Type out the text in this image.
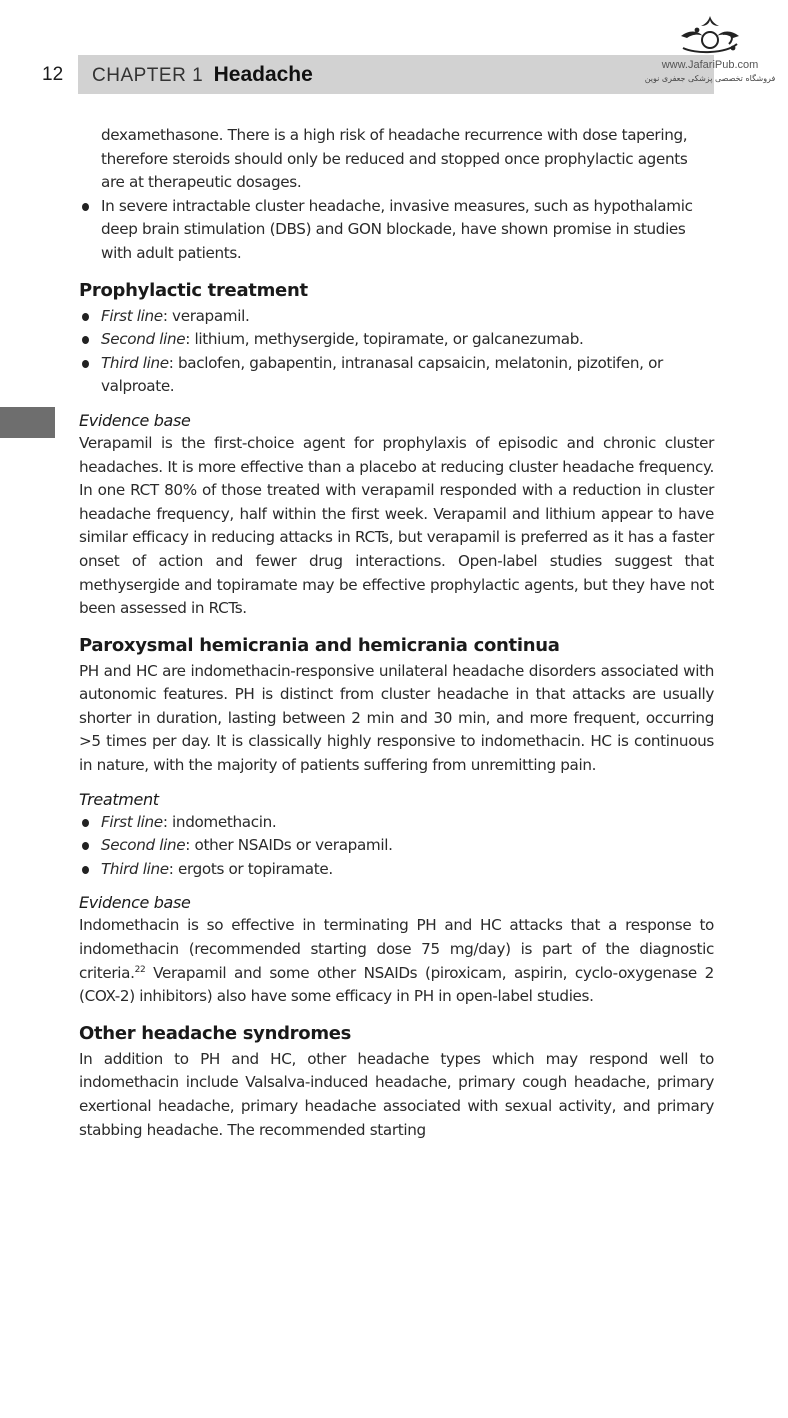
12 CHAPTER 1 Headache	www.JafariPub.com
فروشگاه تخصصی پزشکی جعفری نوین

dexamethasone. There is a high risk of headache recurrence with dose tapering, therefore steroids should only be reduced and stopped once prophylactic agents are at therapeutic dosages.

In severe intractable cluster headache, invasive measures, such as hypothalamic deep brain stimulation (DBS) and GON blockade, have shown promise in studies with adult patients.
Prophylactic treatment
First line: verapamil.
Second line: lithium, methysergide, topiramate, or galcanezumab.
Third line: baclofen, gabapentin, intranasal capsaicin, melatonin, pizotifen, or valproate.
Evidence base

Verapamil is the first-choice agent for prophylaxis of episodic and chronic cluster headaches. It is more effective than a placebo at reducing cluster headache frequency. In one RCT 80% of those treated with verapamil responded with a reduction in cluster headache frequency, half within the first week. Verapamil and lithium appear to have similar efficacy in reducing attacks in RCTs, but verapamil is preferred as it has a faster onset of action and fewer drug interactions. Open-label studies suggest that methysergide and topiramate may be effective prophylactic agents, but they have not been assessed in RCTs.

Paroxysmal hemicrania and hemicrania continua

PH and HC are indomethacin-responsive unilateral headache disorders associated with autonomic features. PH is distinct from cluster headache in that attacks are usually shorter in duration, lasting between 2 min and 30 min, and more frequent, occurring >5 times per day. It is classically highly responsive to indomethacin. HC is continuous in nature, with the majority of patients suffering from unremitting pain.

Treatment
First line: indomethacin.
Second line: other NSAIDs or verapamil.
Third line: ergots or topiramate.
Evidence base

Indomethacin is so effective in terminating PH and HC attacks that a response to indomethacin (recommended starting dose 75 mg/day) is part of the diagnostic criteria.$^{22}$ Verapamil and some other NSAIDs (piroxicam, aspirin, cyclo-oxygenase 2 (COX-2) inhibitors) also have some efficacy in PH in open-label studies.

Other headache syndromes

In addition to PH and HC, other headache types which may respond well to indomethacin include Valsalva-induced headache, primary cough headache, primary exertional headache, primary headache associated with sexual activity, and primary stabbing headache. The recommended starting
